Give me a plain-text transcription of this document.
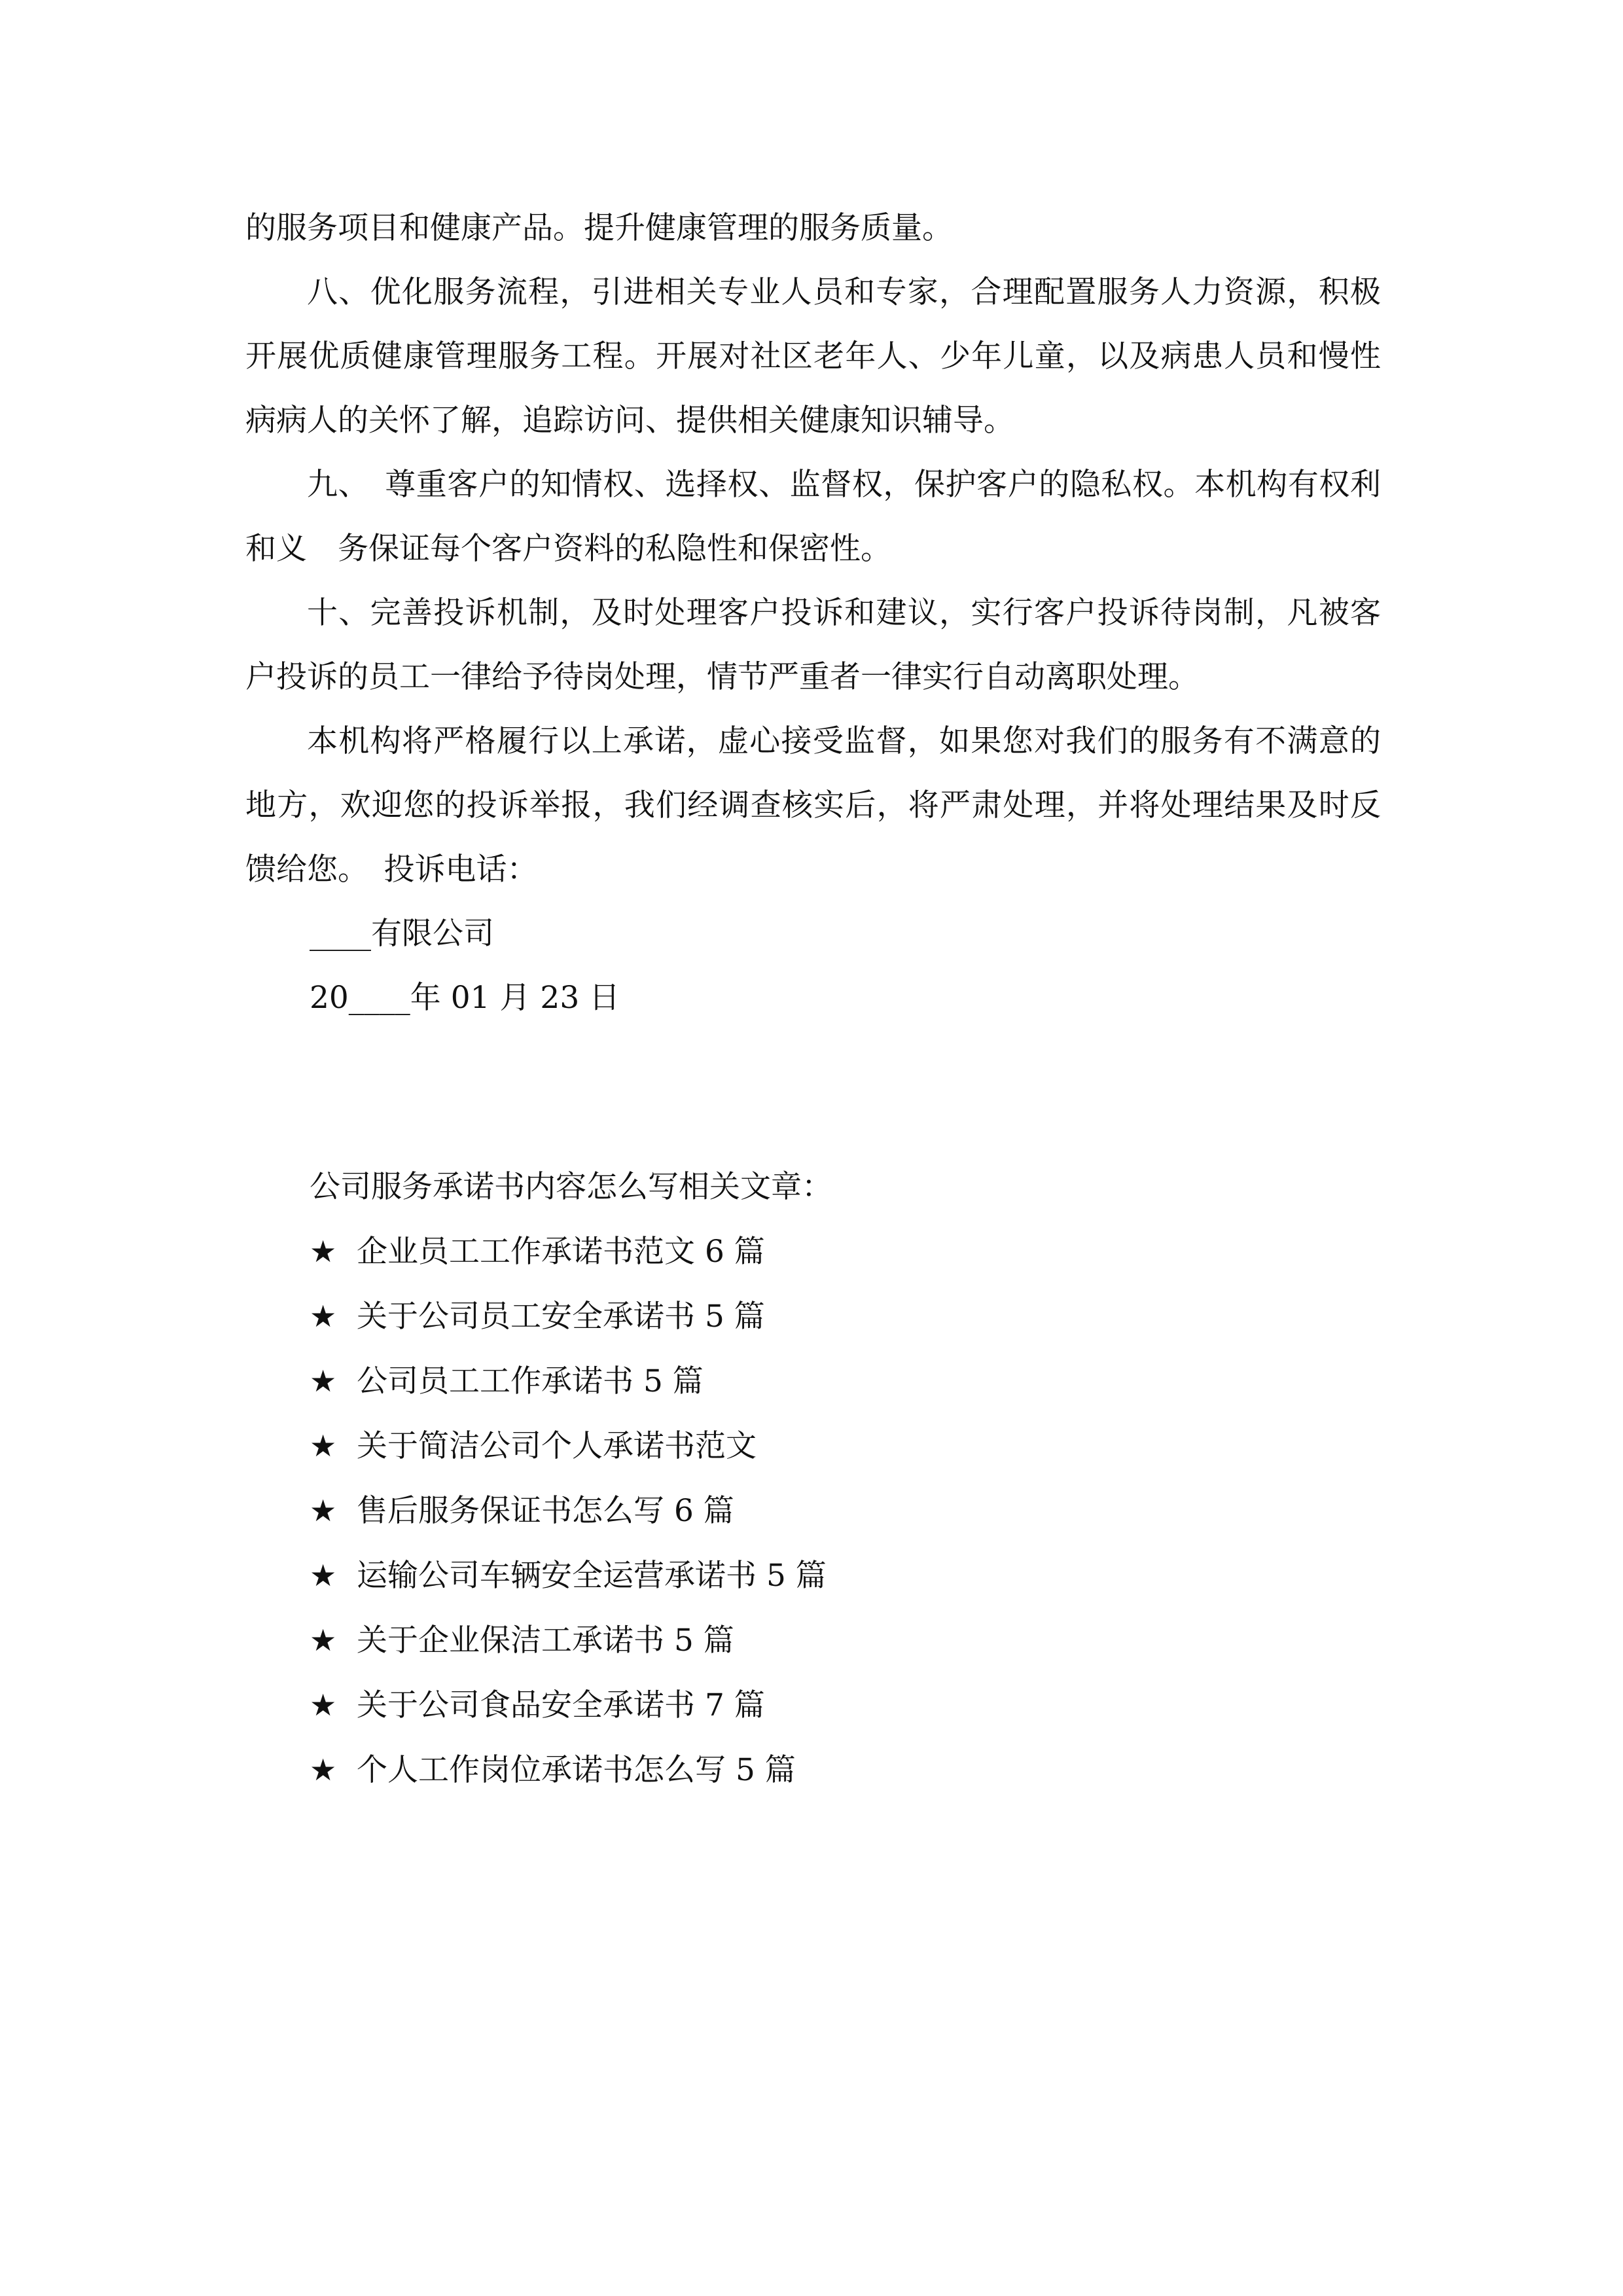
的服务项目和健康产品。提升健康管理的服务质量。

八、优化服务流程，引进相关专业人员和专家，合理配置服务人力资源，积极开展优质健康管理服务工程。开展对社区老年人、少年儿童，以及病患人员和慢性病病人的关怀了解，追踪访问、提供相关健康知识辅导。

九、　尊重客户的知情权、选择权、监督权，保护客户的隐私权。本机构有权利和义　务保证每个客户资料的私隐性和保密性。

十、完善投诉机制，及时处理客户投诉和建议，实行客户投诉待岗制，凡被客户投诉的员工一律给予待岗处理，情节严重者一律实行自动离职处理。

本机构将严格履行以上承诺，虚心接受监督，如果您对我们的服务有不满意的地方，欢迎您的投诉举报，我们经调查核实后，将严肃处理，并将处理结果及时反馈给您。　投诉电话：

____有限公司
20____年 01 月 23 日
公司服务承诺书内容怎么写相关文章：
★ 企业员工工作承诺书范文 6 篇
★ 关于公司员工安全承诺书 5 篇
★ 公司员工工作承诺书 5 篇
★ 关于简洁公司个人承诺书范文
★ 售后服务保证书怎么写 6 篇
★ 运输公司车辆安全运营承诺书 5 篇
★ 关于企业保洁工承诺书 5 篇
★ 关于公司食品安全承诺书 7 篇
★ 个人工作岗位承诺书怎么写 5 篇
